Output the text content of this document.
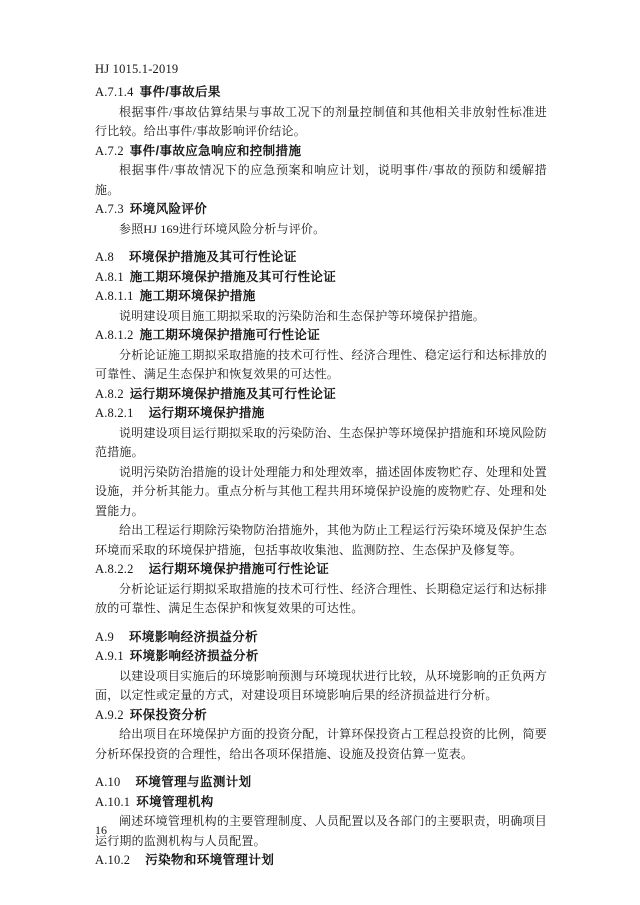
HJ 1015.1-2019
A.7.1.4 事件/事故后果

根据事件/事故估算结果与事故工况下的剂量控制值和其他相关非放射性标准进行比较。给出事件/事故影响评价结论。

A.7.2 事件/事故应急响应和控制措施

根据事件/事故情况下的应急预案和响应计划，说明事件/事故的预防和缓解措施。

A.7.3 环境风险评价

参照HJ 169进行环境风险分析与评价。

A.8 环境保护措施及其可行性论证
A.8.1 施工期环境保护措施及其可行性论证
A.8.1.1 施工期环境保护措施

说明建设项目施工期拟采取的污染防治和生态保护等环境保护措施。

A.8.1.2 施工期环境保护措施可行性论证

分析论证施工期拟采取措施的技术可行性、经济合理性、稳定运行和达标排放的可靠性、满足生态保护和恢复效果的可达性。

A.8.2 运行期环境保护措施及其可行性论证
A.8.2.1 运行期环境保护措施

说明建设项目运行期拟采取的污染防治、生态保护等环境保护措施和环境风险防范措施。

说明污染防治措施的设计处理能力和处理效率，描述固体废物贮存、处理和处置设施，并分析其能力。重点分析与其他工程共用环境保护设施的废物贮存、处理和处置能力。

给出工程运行期除污染物防治措施外，其他为防止工程运行污染环境及保护生态环境而采取的环境保护措施，包括事故收集池、监测防控、生态保护及修复等。

A.8.2.2 运行期环境保护措施可行性论证

分析论证运行期拟采取措施的技术可行性、经济合理性、长期稳定运行和达标排放的可靠性、满足生态保护和恢复效果的可达性。

A.9 环境影响经济损益分析
A.9.1 环境影响经济损益分析

以建设项目实施后的环境影响预测与环境现状进行比较，从环境影响的正负两方面，以定性或定量的方式，对建设项目环境影响后果的经济损益进行分析。

A.9.2 环保投资分析

给出项目在环境保护方面的投资分配，计算环保投资占工程总投资的比例，简要分析环保投资的合理性，给出各项环保措施、设施及投资估算一览表。

A.10 环境管理与监测计划
A.10.1 环境管理机构

阐述环境管理机构的主要管理制度、人员配置以及各部门的主要职责，明确项目运行期的监测机构与人员配置。

A.10.2 污染物和环境管理计划
16
